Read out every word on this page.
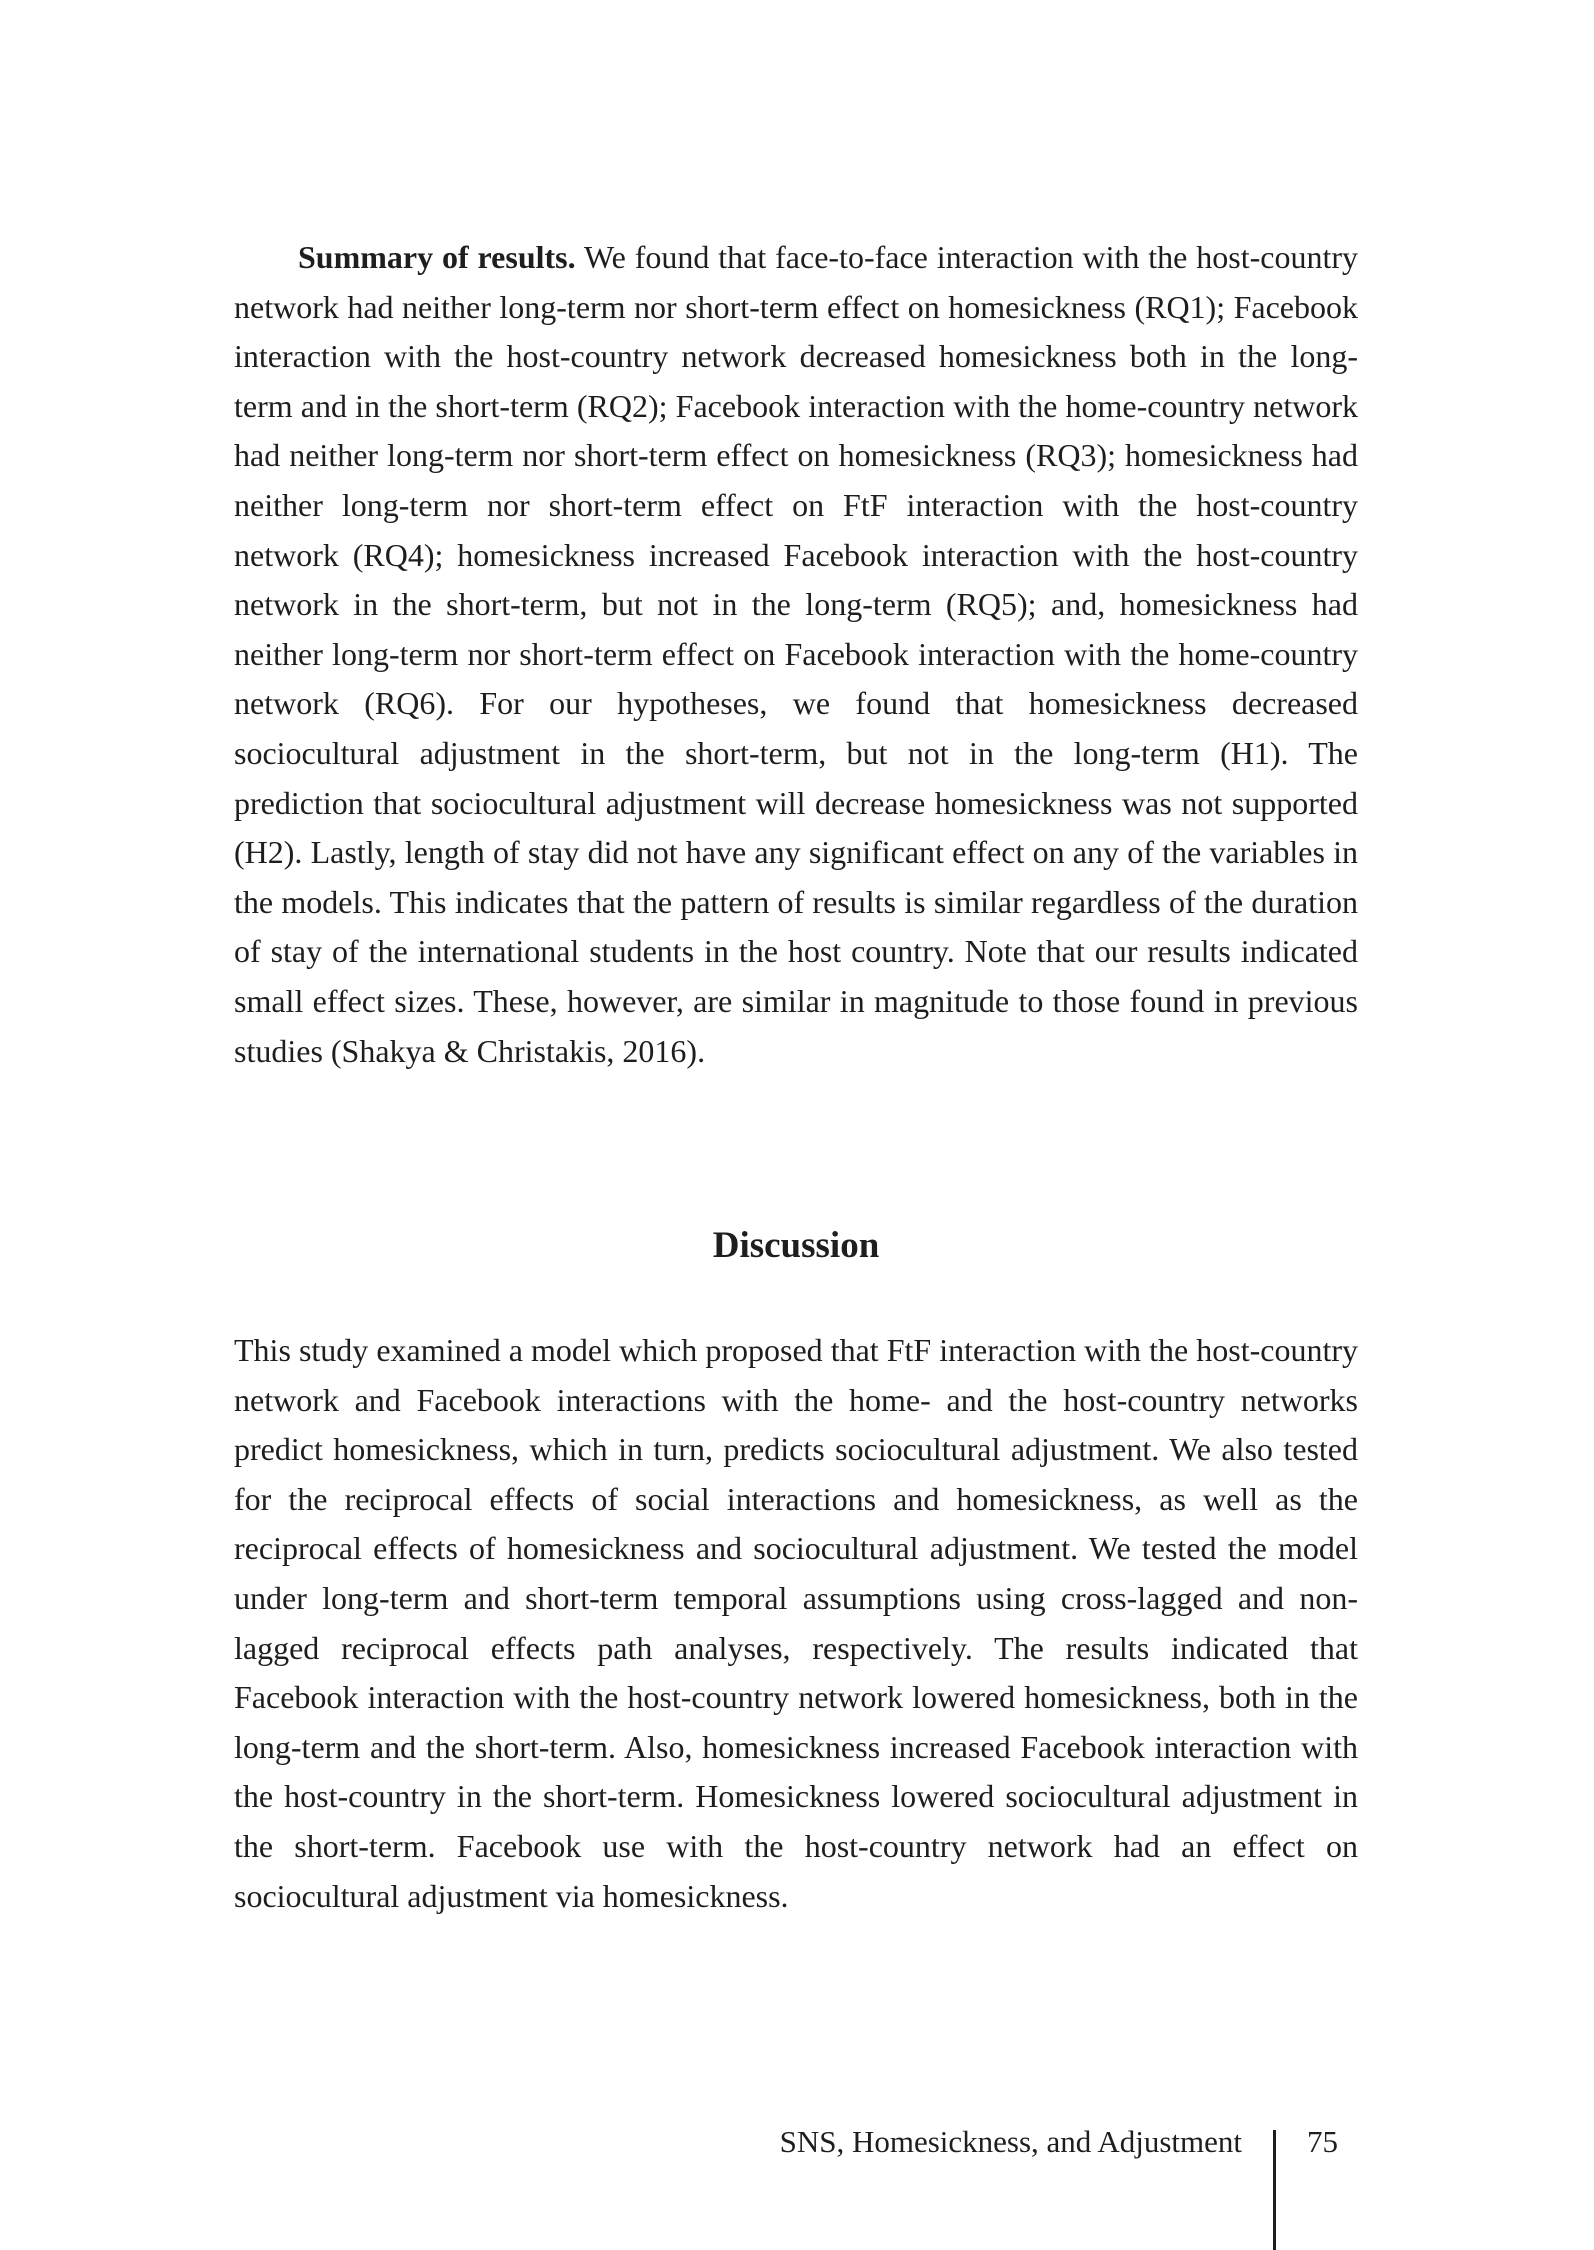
Summary of results. We found that face-to-face interaction with the host-country network had neither long-term nor short-term effect on homesickness (RQ1); Facebook interaction with the host-country network decreased homesickness both in the long-term and in the short-term (RQ2); Facebook interaction with the home-country network had neither long-term nor short-term effect on homesickness (RQ3); homesickness had neither long-term nor short-term effect on FtF interaction with the host-country network (RQ4); homesickness increased Facebook interaction with the host-country network in the short-term, but not in the long-term (RQ5); and, homesickness had neither long-term nor short-term effect on Facebook interaction with the home-country network (RQ6). For our hypotheses, we found that homesickness decreased sociocultural adjustment in the short-term, but not in the long-term (H1). The prediction that sociocultural adjustment will decrease homesickness was not supported (H2). Lastly, length of stay did not have any significant effect on any of the variables in the models. This indicates that the pattern of results is similar regardless of the duration of stay of the international students in the host country. Note that our results indicated small effect sizes. These, however, are similar in magnitude to those found in previous studies (Shakya & Christakis, 2016).

Discussion

This study examined a model which proposed that FtF interaction with the host-country network and Facebook interactions with the home- and the host-country networks predict homesickness, which in turn, predicts sociocultural adjustment. We also tested for the reciprocal effects of social interactions and homesickness, as well as the reciprocal effects of homesickness and sociocultural adjustment. We tested the model under long-term and short-term temporal assumptions using cross-lagged and non-lagged reciprocal effects path analyses, respectively. The results indicated that Facebook interaction with the host-country network lowered homesickness, both in the long-term and the short-term. Also, homesickness increased Facebook interaction with the host-country in the short-term. Homesickness lowered sociocultural adjustment in the short-term. Facebook use with the host-country network had an effect on sociocultural adjustment via homesickness.

SNS, Homesickness, and Adjustment 75
